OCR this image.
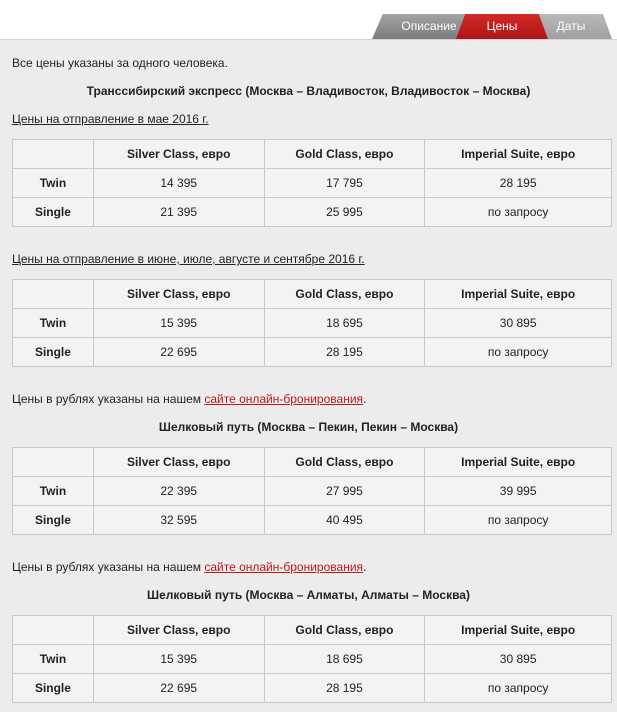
Описание	Даты
Цены
Все цены указаны за одного человека.
Транссибирский экспресс (Москва – Владивосток, Владивосток – Москва)
Цены на отправление в мае 2016 г.
	Silver Class, евро	Gold Class, евро	Imperial Suite, евро
Twin	14 395	17 795	28 195
Single	21 395	25 995	по запросу
Цены на отправление в июне, июле, августе и сентябре 2016 г.
	Silver Class, евро	Gold Class, евро	Imperial Suite, евро
Twin	15 395	18 695	30 895
Single	22 695	28 195	по запросу
Цены в рублях указаны на нашем сайте онлайн-бронирования.
Шелковый путь (Москва – Пекин, Пекин – Москва)
	Silver Class, евро	Gold Class, евро	Imperial Suite, евро
Twin	22 395	27 995	39 995
Single	32 595	40 495	по запросу
Цены в рублях указаны на нашем сайте онлайн-бронирования.
Шелковый путь (Москва – Алматы, Алматы – Москва)
	Silver Class, евро	Gold Class, евро	Imperial Suite, евро
Twin	15 395	18 695	30 895
Single	22 695	28 195	по запросу
